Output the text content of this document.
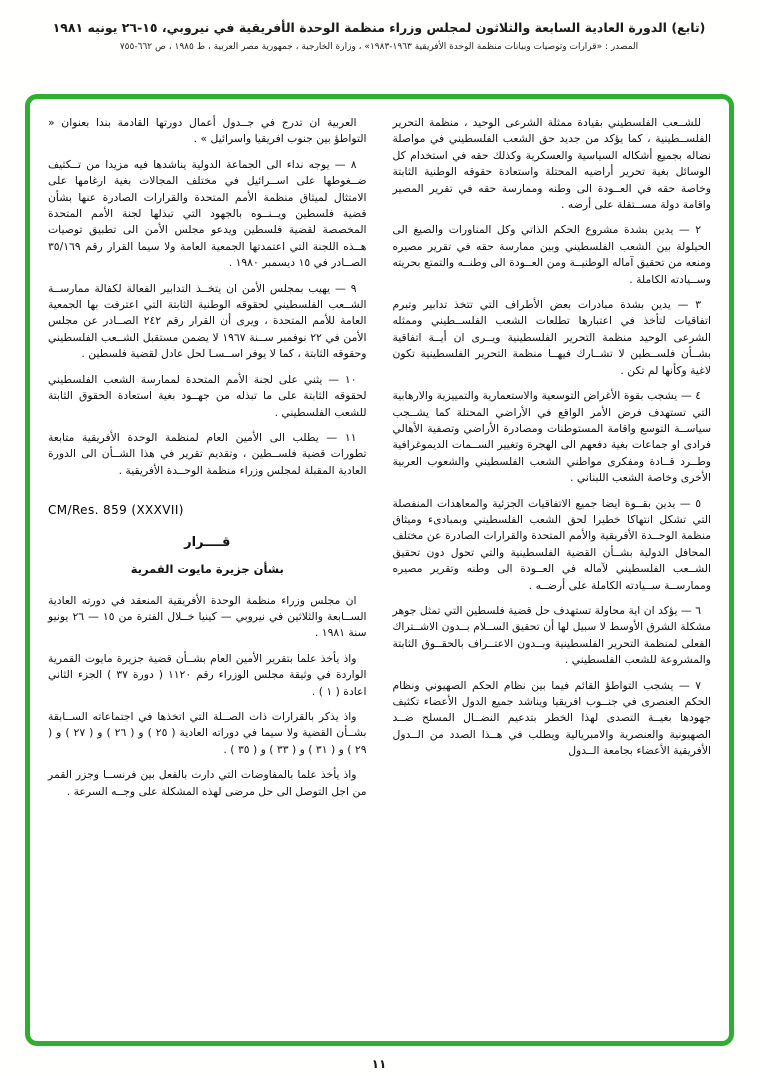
(تابع) الدورة العادية السابعة والثلاثون لمجلس وزراء منظمة الوحدة الأفريقية في نيروبي، ١٥-٢٦ يونيه ١٩٨١
المصدر : «قرارات وتوصيات وبيانات منظمة الوحدة الأفريقية ١٩٦٣-١٩٨٣» ، وزارة الخارجية ، جمهورية مصر العربية ، ط ١٩٨٥ ، ص ٦٦٢-٧٥٥

للشــعب الفلسطيني بقيادة ممثلة الشرعى الوحيد ، منظمة التحرير الفلســطينية ، كما يؤكد من جديد حق الشعب الفلسطيني في مواصلة نضاله بجميع أشكاله السياسية والعسكرية وكذلك حقه في استخدام كل الوسائل بغية تحرير أراضيه المحتلة واستعادة حقوقه الوطنية الثابتة وخاصة حقه في العــودة الى وطنه وممارسة حقه في تقرير المصير واقامة دولة مســتقلة على أرضه .

٢ — يدين بشدة مشروع الحكم الذاتي وكل المناورات والصيغ الى الحيلولة بين الشعب الفلسطيني وبين ممارسة حقه في تقرير مصيره ومنعه من تحقيق آماله الوطنيــة ومن العــودة الى وطنــه والتمتع بحريته وســيادته الكاملة .

٣ — يدين بشدة مبادرات بعض الأطراف التي تتخذ تدابير وتبرم اتفاقيات لتأخذ في اعتبارها تطلعات الشعب الفلســطيني وممثله الشرعى الوحيد منظمة التحرير الفلسطينية ويــرى ان أيــة اتفاقية بشــأن فلســطين لا تشــارك فيهــا منظمة التحرير الفلسطينية تكون لاغية وكأنها لم تكن .

٤ — يشجب بقوة الأغراض التوسعية والاستعمارية والتمييزية والارهابية التي تستهدف فرض الأمر الواقع في الأراضي المحتلة كما يشــجب سياســة التوسع واقامة المستوطنات ومصادرة الأراضي وتصفية الأهالي فرادى او جماعات بغية دفعهم الى الهجرة وتغيير الســمات الديموغرافية وطــرد قــادة ومفكرى مواطني الشعب الفلسطيني والشعوب العربية الأخرى وخاصة الشعب اللبناني .

٥ — يدين بقــوة ايضا جميع الاتفاقيات الجزئية والمعاهدات المنفصلة التي تشكل انتهاكا خطيرا لحق الشعب الفلسطيني وبمبادىء وميثاق منظمة الوحــدة الأفريقية والأمم المتحدة والقرارات الصادرة عن مختلف المحافل الدولية بشــأن القضية الفلسطينية والتي تحول دون تحقيق الشــعب الفلسطيني لآماله في العــودة الى وطنه وتقرير مصيره وممارســة ســيادته الكاملة على أرضــه .

٦ — يؤكد ان اية محاولة تستهدف حل قضية فلسطين التي تمثل جوهر مشكلة الشرق الأوسط لا سبيل لها أن تحقيق الســلام بــدون الاشــتراك الفعلى لمنظمة التحرير الفلسطينية وبــدون الاعتــراف بالحقــوق الثابتة والمشروعة للشعب الفلسطيني .

٧ — يشجب التواطؤ القائم فيما بين نظام الحكم الصهيوني ونظام الحكم العنصرى في جنــوب افريقيا ويناشد جميع الدول الأعضاء تكثيف جهودها بغيــة التصدى لهذا الخطر بتدعيم النضــال المسلح ضــد الصهيونية والعنصرية والامبريالية ويطلب في هــذا الصدد من الــدول الأفريقية الأعضاء بجامعة الــدول

العربية ان تدرج في جــدول أعمال دورتها القادمة بندا بعنوان « التواطؤ بين جنوب افريقيا واسرائيل » .

٨ — يوجه نداء الى الجماعة الدولية يناشدها فيه مزيدا من تــكثيف ضــغوطها على اســرائيل في مختلف المجالات بغية ارغامها على الامتثال لميثاق منظمة الأمم المتحدة والقرارات الصادرة عنها بشأن قضية فلسطين ويــنــوه بالجهود التي تبذلها لجنة الأمم المتحدة المخصصة لقضية فلسطين ويدعو مجلس الأمن الى تطبيق توصيات هــذه اللجنة التي اعتمدتها الجمعية العامة ولا سيما القرار رقم ٣٥/١٦٩ الصــادر في ١٥ ديسمبر ١٩٨٠ .

٩ — يهيب بمجلس الأمن ان يتخــذ التدابير الفعالة لكفالة ممارســة الشــعب الفلسطيني لحقوقه الوطنية الثابتة التي اعترفت بها الجمعية العامة للأمم المتحدة ، ويرى أن القرار رقم ٢٤٢ الصــادر عن مجلس الأمن في ٢٢ نوفمبر ســنة ١٩٦٧ لا يضمن مستقبل الشــعب الفلسطيني وحقوقه الثابتة ، كما لا يوفر اســسـا لحل عادل لقضية فلسطين .

١٠ — يثني على لجنة الأمم المتحدة لممارسة الشعب الفلسطيني لحقوقه الثابتة على ما تبذله من جهــود بغية استعادة الحقوق الثابتة للشعب الفلسطيني .

١١ — يطلب الى الأمين العام لمنظمة الوحدة الأفريقية متابعة تطورات قضية فلســطين ، وتقديم تقرير في هذا الشــأن الى الدورة العادية المقبلة لمجلس وزراء منظمة الوحــدة الأفريقية .

CM/Res. 859 (XXXVII)
قــــرار
بشأن جزيرة مايوت القمرية

ان مجلس وزراء منظمة الوحدة الأفريقية المنعقد في دورته العادية الســابعة والثلاثين في نيروبي — كينيا خــلال الفترة من ١٥ — ٢٦ يونيو سنة ١٩٨١ .

واذ يأخذ علما بتقرير الأمين العام بشــأن قضية جزيرة مايوت القمرية الواردة في وثيقة مجلس الوزراء رقم ١١٢٠ ( دورة ٣٧ ) الجزء الثاني اعادة ( ١ ) .

واذ يذكر بالقرارات ذات الصــلة التي اتخذها في اجتماعاته الســابقة بشــأن القضية ولا سيما في دوراته العادية ( ٢٥ ) و ( ٢٦ ) و ( ٢٧ ) و ( ٢٩ ) و ( ٣١ ) و ( ٣٣ ) و ( ٣٥ ) .

واذ يأخذ علما بالمفاوضات التي دارت بالفعل بين فرنســا وجزر القمر من اجل التوصل الى حل مرضى لهذه المشكلة على وجــه السرعة .

١١
